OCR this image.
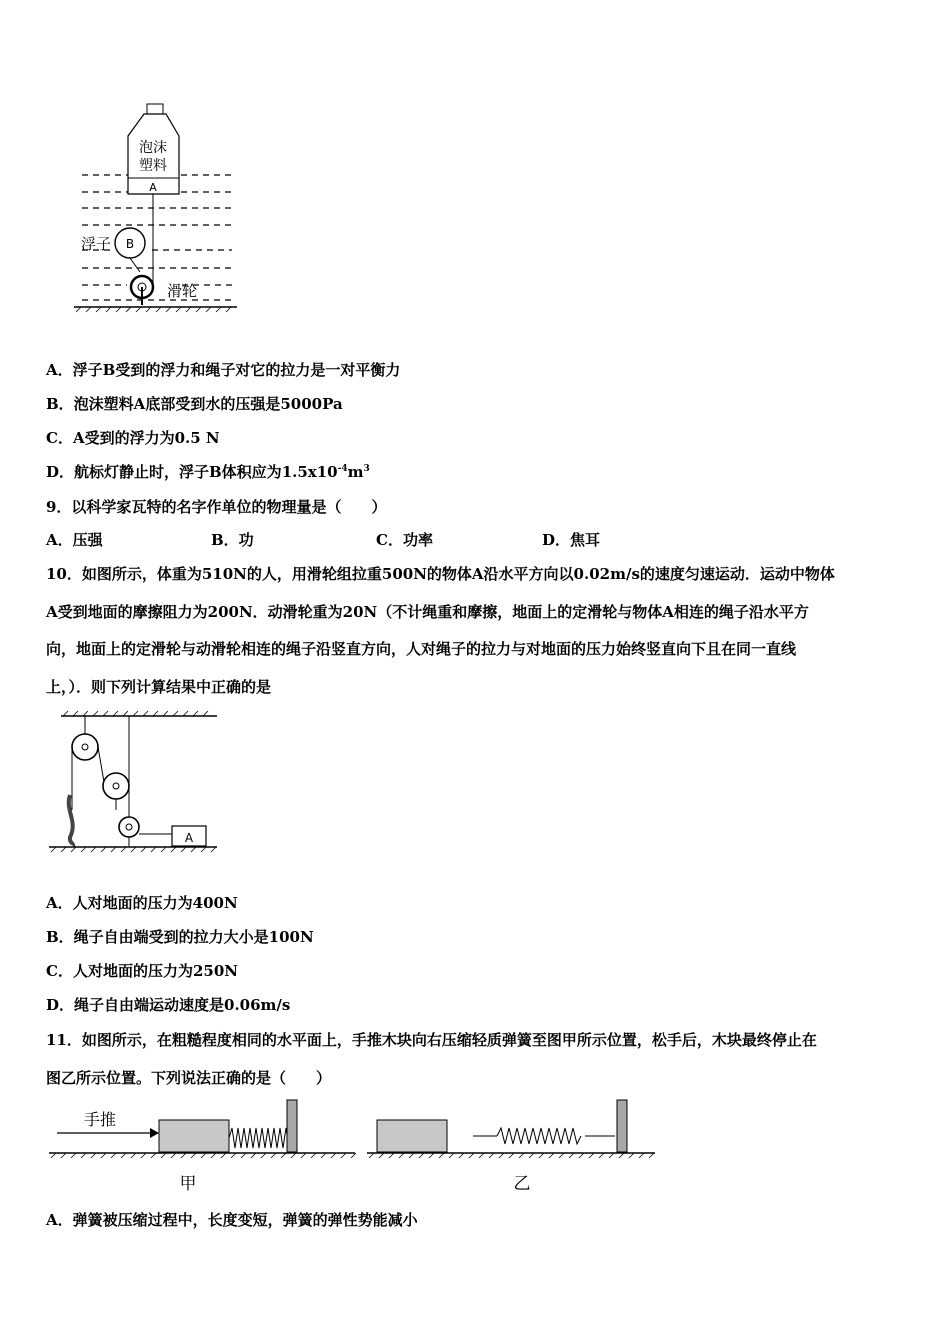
泡沫
塑料
A
B
浮子
滑轮
A．浮子B受到的浮力和绳子对它的拉力是一对平衡力
B．泡沫塑料A底部受到水的压强是5000Pa
C．A受到的浮力为0.5 N
D．航标灯静止时，浮子B体积应为$1.5x10^{-4}m^3$
9．以科学家瓦特的名字作单位的物理量是（　　）
A．压强	B．功	C．功率	D．焦耳
10．如图所示，体重为510N的人，用滑轮组拉重500N的物体A沿水平方向以0.02m/s的速度匀速运动．运动中物体
A受到地面的摩擦阻力为200N．动滑轮重为20N（不计绳重和摩擦，地面上的定滑轮与物体A相连的绳子沿水平方
向，地面上的定滑轮与动滑轮相连的绳子沿竖直方向，人对绳子的拉力与对地面的压力始终竖直向下且在同一直线
上，）．则下列计算结果中正确的是
A
A．人对地面的压力为400N
B．绳子自由端受到的拉力大小是100N
C．人对地面的压力为250N
D．绳子自由端运动速度是0.06m/s
11．如图所示，在粗糙程度相同的水平面上，手推木块向右压缩轻质弹簧至图甲所示位置，松手后，木块最终停止在
图乙所示位置。下列说法正确的是（　　）
手推
甲	乙
A．弹簧被压缩过程中，长度变短，弹簧的弹性势能减小
